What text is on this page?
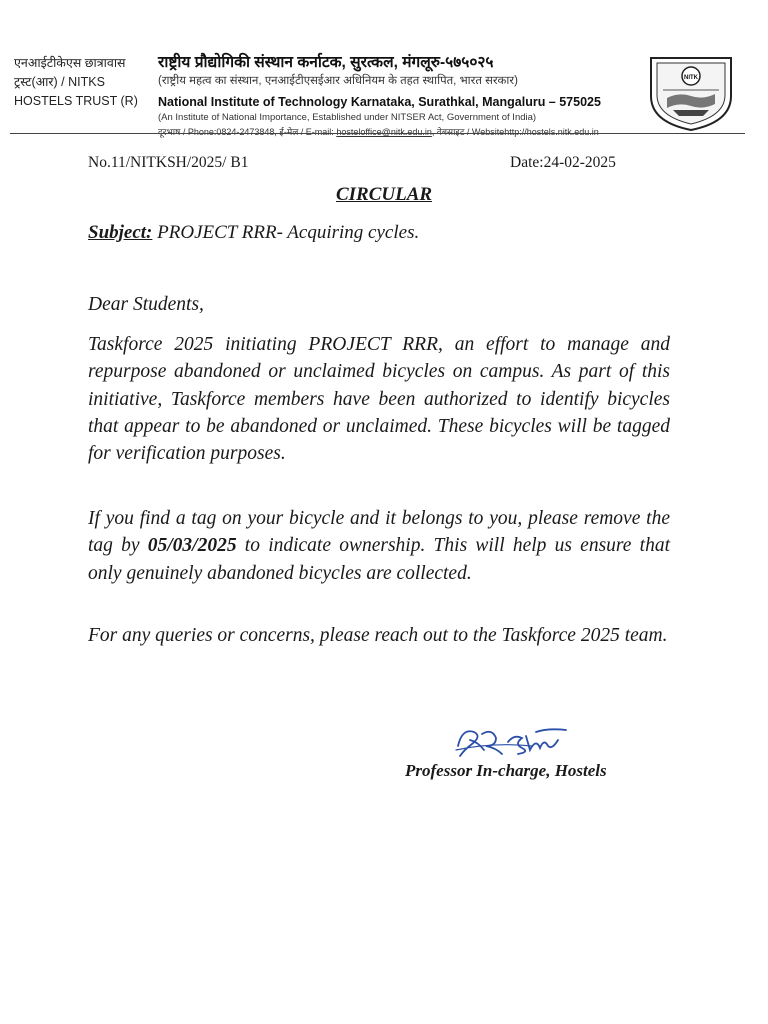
एनआईटीकेएस छात्रावास
ट्रस्ट(आर) / NITKS
HOSTELS TRUST (R)
राष्ट्रीय प्रौद्योगिकी संस्थान कर्नाटक, सुरत्कल, मंगलूरु-५७५०२५
(राष्ट्रीय महत्व का संस्थान, एनआईटीएसईआर अधिनियम के तहत स्थापित, भारत सरकार)
National Institute of Technology Karnataka, Surathkal, Mangaluru – 575025
(An Institute of National Importance, Established under NITSER Act, Government of India)
दूरभाष / Phone:0824-2473848, ई-मेल / E-mail: hosteloffice@nitk.edu.in, वेबसाइट / Websitehttp://hostels.nitk.edu.in
NITK
No.11/NITKSH/2025/ B1	Date:24-02-2025
CIRCULAR
Subject: PROJECT RRR- Acquiring cycles.
Dear Students,

Taskforce 2025 initiating PROJECT RRR, an effort to manage and repurpose abandoned or unclaimed bicycles on campus. As part of this initiative, Taskforce members have been authorized to identify bicycles that appear to be abandoned or unclaimed. These bicycles will be tagged for verification purposes.

If you find a tag on your bicycle and it belongs to you, please remove the tag by 05/03/2025 to indicate ownership. This will help us ensure that only genuinely abandoned bicycles are collected.

For any queries or concerns, please reach out to the Taskforce 2025 team.

Professor In-charge, Hostels
